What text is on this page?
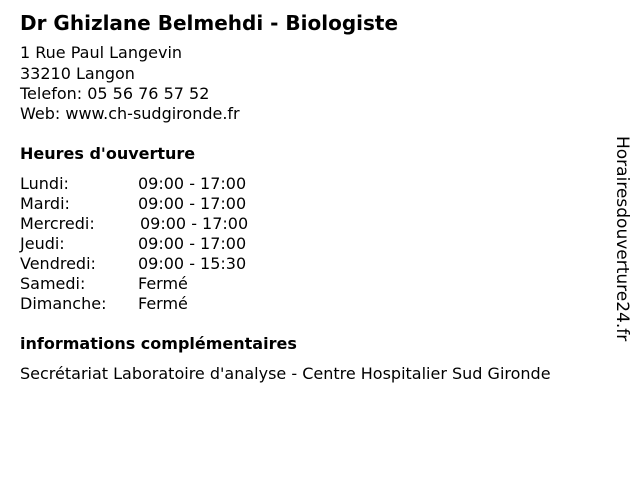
Dr Ghizlane Belmehdi - Biologiste
1 Rue Paul Langevin
33210 Langon
Telefon: 05 56 76 57 52
Web: www.ch-sudgironde.fr
Heures d'ouverture
Lundi:	09:00 - 17:00
Mardi:	09:00 - 17:00
Mercredi:	09:00 - 17:00
Jeudi:	09:00 - 17:00
Vendredi:	09:00 - 15:30
Samedi:	Fermé
Dimanche: Fermé
informations complémentaires
Secrétariat Laboratoire d'analyse - Centre Hospitalier Sud Gironde
Horairesdouverture24.fr
